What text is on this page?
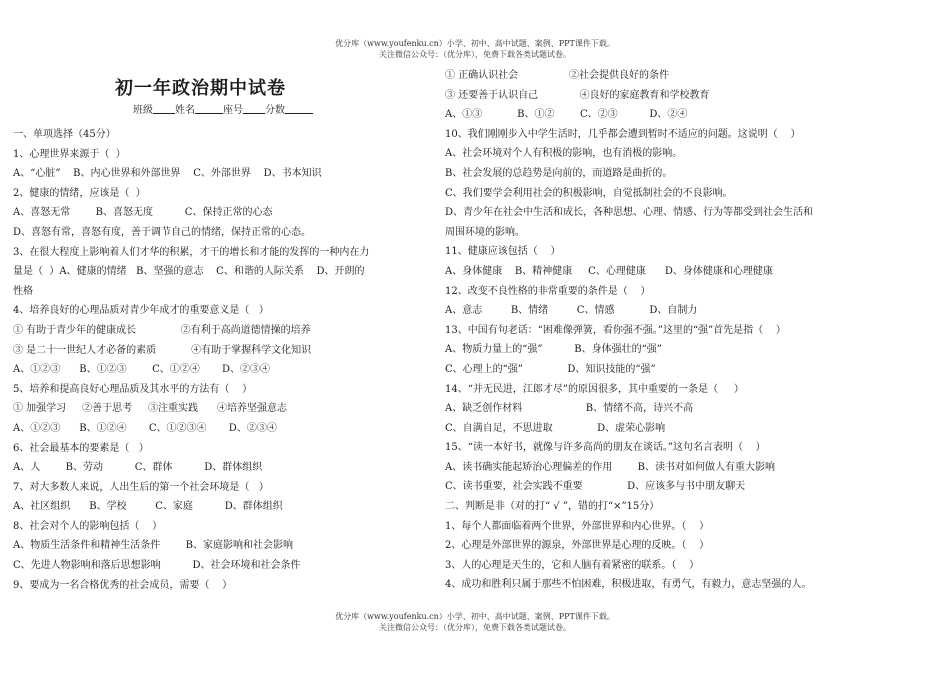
优分库（www.youfenku.cn）小学、初中、高中试题、案例、PPT课件下载。
关注微信公众号：（优分库），免费下载各类试题试卷。
初一年政治期中试卷
班级 姓名	座号 分数
一、单项选择（45分）
1、心理世界来源于（  ）
A、“心脏”    B、内心世界和外部世界    C、外部世界    D、书本知识
2、健康的情绪，应该是（  ）
A、喜怒无常        B、喜怒无度          C、保持正常的心态
D、喜怒有常，喜怒有度，善于调节自己的情绪，保持正常的心态。
3、在很大程度上影响着人们才华的积累，才干的增长和才能的发挥的一种内在力
量是（  ）A、健康的情绪   B、坚强的意志    C、和谐的人际关系    D、开朗的
性格
4、培养良好的心理品质对青少年成才的重要意义是（   ）
① 有助于青少年的健康成长              ②有利于高尚道德情操的培养
③ 是二十一世纪人才必备的素质           ④有助于掌握科学文化知识
A、①②③      B、①②③        C、①②④       D、②③④
5、培养和提高良好心理品质及其水平的方法有（    ）
① 加强学习     ②善于思考     ③注重实践      ④培养坚强意志
A、①②③      B、①②④       C、①②③④       D、②③④
6、社会最基本的要素是（   ）
A、人        B、劳动          C、群体          D、群体组织
7、对大多数人来说，人出生后的第一个社会环境是（   ）
A、社区组织      B、学校         C、家庭          D、群体组织
8、社会对个人的影响包括（    ）
A、物质生活条件和精神生活条件        B、家庭影响和社会影响
C、先进人物影响和落后思想影响          D、社会环境和社会条件
9、要成为一名合格优秀的社会成员，需要（    ）
① 正确认识社会                ②社会提供良好的条件
③ 还要善于认识自己             ④良好的家庭教育和学校教育
A、①③           B、①②        C、②③          D、②④
10、我们刚刚步入中学生活时，几乎都会遭到暂时不适应的问题。这说明（    ）
A、社会环境对个人有积极的影响，也有消极的影响。
B、社会发展的总趋势是向前的，而道路是曲折的。
C、我们要学会利用社会的积极影响，自觉抵制社会的不良影响。
D、青少年在社会中生活和成长，各种思想、心理、情感、行为等都受到社会生活和
周围环境的影响。
11、健康应该包括（    ）
A、身体健康    B、精神健康     C、心理健康      D、身体健康和心理健康
12、改变不良性格的非常重要的条件是（    ）
A、意志         B、情绪         C、情感           D、自制力
13、中国有句老话：“困难像弹簧，看你强不强。”这里的“强”首先是指（    ）
A、物质力量上的“强”          B、身体强壮的“强”
C、心理上的“强”              D、知识技能的“强”
14、“并无民进，江郎才尽”的原因很多，其中重要的一条是（     ）
A、缺乏创作材料                    B、情绪不高，诗兴不高
C、自满自足，不思进取              D、虚荣心影响
15、“读一本好书，就像与许多高尚的朋友在谈话。”这句名言表明（    ）
A、读书确实能起矫治心理偏差的作用        B、读书对如何做人有重大影响
C、读书重要，社会实践不重要              D、应该多与书中朋友聊天
二、判断是非（对的打“ √ ”，错的打“×”15分）
1、每个人都面临着两个世界，外部世界和内心世界。（    ）
2、心理是外部世界的源泉，外部世界是心理的反映。（    ）
3、人的心理是天生的，它和人脑有着紧密的联系。（    ）
4、成功和胜利只属于那些不怕困难，积极进取，有勇气，有毅力，意志坚强的人。
优分库（www.youfenku.cn）小学、初中、高中试题、案例、PPT课件下载。
关注微信公众号：（优分库），免费下载各类试题试卷。
